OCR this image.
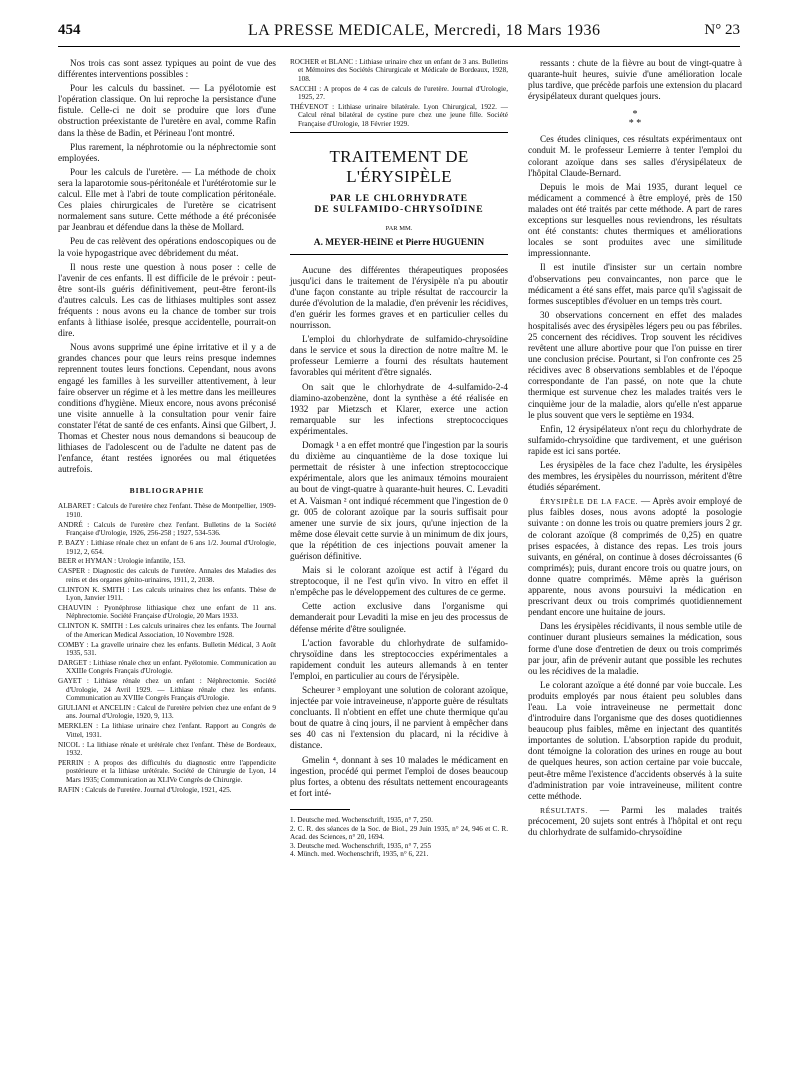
454	LA PRESSE MEDICALE, Mercredi, 18 Mars 1936	N° 23

Nos trois cas sont assez typiques au point de vue des différentes interventions possibles :

Pour les calculs du bassinet. — La pyélotomie est l'opération classique. On lui reproche la persistance d'une fistule. Celle-ci ne doit se produire que lors d'une obstruction préexistante de l'uretère en aval, comme Rafin dans la thèse de Badin, et Périneau l'ont montré.

Plus rarement, la néphrotomie ou la néphrectomie sont employées.

Pour les calculs de l'uretère. — La méthode de choix sera la laparotomie sous-péritonéale et l'urétérotomie sur le calcul. Elle met à l'abri de toute complication péritonéale. Ces plaies chirurgicales de l'uretère se cicatrisent normalement sans suture. Cette méthode a été préconisée par Jeanbrau et défendue dans la thèse de Mollard.

Peu de cas relèvent des opérations endoscopiques ou de la voie hypogastrique avec débridement du méat.

Il nous reste une question à nous poser : celle de l'avenir de ces enfants. Il est difficile de le prévoir : peut-être sont-ils guéris définitivement, peut-être feront-ils d'autres calculs. Les cas de lithiases multiples sont assez fréquents : nous avons eu la chance de tomber sur trois enfants à lithiase isolée, presque accidentelle, pourrait-on dire.

Nous avons supprimé une épine irritative et il y a de grandes chances pour que leurs reins presque indemnes reprennent toutes leurs fonctions. Cependant, nous avons engagé les familles à les surveiller attentivement, à leur faire observer un régime et à les mettre dans les meilleures conditions d'hygiène. Mieux encore, nous avons préconisé une visite annuelle à la consultation pour venir faire constater l'état de santé de ces enfants. Ainsi que Gilbert, J. Thomas et Chester nous nous demandons si beaucoup de lithiases de l'adolescent ou de l'adulte ne datent pas de l'enfance, étant restées ignorées ou mal étiquetées autrefois.

BIBLIOGRAPHIE

ALBARET : Calculs de l'uretère chez l'enfant. Thèse de Montpellier, 1909-1910.

ANDRÉ : Calculs de l'uretère chez l'enfant. Bulletins de la Société Française d'Urologie, 1926, 256-258 ; 1927, 534-536.

P. BAZY : Lithiase rénale chez un enfant de 6 ans 1/2. Journal d'Urologie, 1912, 2, 654.

BEER et HYMAN : Urologie infantile, 153.

CASPER : Diagnostic des calculs de l'uretère. Annales des Maladies des reins et des organes génito-urinaires, 1911, 2, 2038.

CLINTON K. SMITH : Les calculs urinaires chez les enfants. Thèse de Lyon, Janvier 1911.

CHAUVIN : Pyonéphrose lithiasique chez une enfant de 11 ans. Néphrectomie. Société Française d'Urologie, 20 Mars 1933.

CLINTON K. SMITH : Les calculs urinaires chez les enfants. The Journal of the American Medical Association, 10 Novembre 1928.

COMBY : La gravelle urinaire chez les enfants. Bulletin Médical, 3 Août 1935, 531.

DARGET : Lithiase rénale chez un enfant. Pyélotomie. Communication au XXIIIe Congrès Français d'Urologie.

GAYET : Lithiase rénale chez un enfant : Néphrectomie. Société d'Urologie, 24 Avril 1929. — Lithiase rénale chez les enfants. Communication au XVIIIe Congrès Français d'Urologie.

GIULIANI et ANCELIN : Calcul de l'uretère pelvien chez une enfant de 9 ans. Journal d'Urologie, 1920, 9, 113.

MERKLEN : La lithiase urinaire chez l'enfant. Rapport au Congrès de Vittel, 1931.

NICOL : La lithiase rénale et urétérale chez l'enfant. Thèse de Bordeaux, 1932.

PERRIN : A propos des difficultés du diagnostic entre l'appendicite postérieure et la lithiase urétérale. Société de Chirurgie de Lyon, 14 Mars 1935; Communication au XLIVe Congrès de Chirurgie.

RAFIN : Calculs de l'uretère. Journal d'Urologie, 1921, 425.

ROCHER et BLANC : Lithiase urinaire chez un enfant de 3 ans. Bulletins et Mémoires des Sociétés Chirurgicale et Médicale de Bordeaux, 1928, 108.

SACCHI : A propos de 4 cas de calculs de l'uretère. Journal d'Urologie, 1925, 27.

THÉVENOT : Lithiase urinaire bilatérale. Lyon Chirurgical, 1922. — Calcul rénal bilatéral de cystine pure chez une jeune fille. Société Française d'Urologie, 18 Février 1929.

TRAITEMENT DE L'ÉRYSIPÈLE

PAR LE CHLORHYDRATE
DE SULFAMIDO-CHRYSOÏDINE

PAR MM.

A. MEYER-HEINE et Pierre HUGUENIN

Aucune des différentes thérapeutiques proposées jusqu'ici dans le traitement de l'érysipèle n'a pu aboutir d'une façon constante au triple résultat de raccourcir la durée d'évolution de la maladie, d'en prévenir les récidives, d'en guérir les formes graves et en particulier celles du nourrisson.

L'emploi du chlorhydrate de sulfamido-chrysoïdine dans le service et sous la direction de notre maître M. le professeur Lemierre a fourni des résultats hautement favorables qui méritent d'être signalés.

On sait que le chlorhydrate de 4-sulfamido-2-4 diamino-azobenzène, dont la synthèse a été réalisée en 1932 par Mietzsch et Klarer, exerce une action remarquable sur les infections streptococciques expérimentales.

Domagk ¹ a en effet montré que l'ingestion par la souris du dixième au cinquantième de la dose toxique lui permettait de résister à une infection streptococcique expérimentale, alors que les animaux témoins mouraient au bout de vingt-quatre à quarante-huit heures. C. Levaditi et A. Vaisman ² ont indiqué récemment que l'ingestion de 0 gr. 005 de colorant azoïque par la souris suffisait pour amener une survie de six jours, qu'une injection de la même dose élevait cette survie à un minimum de dix jours, que la répétition de ces injections pouvait amener la guérison définitive.

Mais si le colorant azoïque est actif à l'égard du streptocoque, il ne l'est qu'in vivo. In vitro en effet il n'empêche pas le développement des cultures de ce germe.

Cette action exclusive dans l'organisme qui demanderait pour Levaditi la mise en jeu des processus de défense mérite d'être soulignée.

L'action favorable du chlorhydrate de sulfamido-chrysoïdine dans les streptococcies expérimentales a rapidement conduit les auteurs allemands à en tenter l'emploi, en particulier au cours de l'érysipèle.

Scheurer ³ employant une solution de colorant azoïque, injectée par voie intraveineuse, n'apporte guère de résultats concluants. Il n'obtient en effet une chute thermique qu'au bout de quatre à cinq jours, il ne parvient à empêcher dans ses 40 cas ni l'extension du placard, ni la récidive à distance.

Gmelin ⁴, donnant à ses 10 malades le médicament en ingestion, procédé qui permet l'emploi de doses beaucoup plus fortes, a obtenu des résultats nettement encourageants et fort inté-

1. Deutsche med. Wochenschrift, 1935, n° 7, 250.

2. C. R. des séances de la Soc. de Biol., 29 Juin 1935, n° 24, 946 et C. R. Acad. des Sciences, n° 20, 1694.

3. Deutsche med. Wochenschrift, 1935, n° 7, 255

4. Münch. med. Wochenschrift, 1935, n° 6, 221.

ressants : chute de la fièvre au bout de vingt-quatre à quarante-huit heures, suivie d'une amélioration locale plus tardive, que précède parfois une extension du placard érysipélateux durant quelques jours.

*
* *

Ces études cliniques, ces résultats expérimentaux ont conduit M. le professeur Lemierre à tenter l'emploi du colorant azoïque dans ses salles d'érysipélateux de l'hôpital Claude-Bernard.

Depuis le mois de Mai 1935, durant lequel ce médicament a commencé à être employé, près de 150 malades ont été traités par cette méthode. A part de rares exceptions sur lesquelles nous reviendrons, les résultats ont été constants: chutes thermiques et améliorations locales se sont produites avec une similitude impressionnante.

Il est inutile d'insister sur un certain nombre d'observations peu convaincantes, non parce que le médicament a été sans effet, mais parce qu'il s'agissait de formes susceptibles d'évoluer en un temps très court.

30 observations concernent en effet des malades hospitalisés avec des érysipèles légers peu ou pas fébriles. 25 concernent des récidives. Trop souvent les récidives revêtent une allure abortive pour que l'on puisse en tirer une conclusion précise. Pourtant, si l'on confronte ces 25 récidives avec 8 observations semblables et de l'époque correspondante de l'an passé, on note que la chute thermique est survenue chez les malades traités vers le cinquième jour de la maladie, alors qu'elle n'est apparue le plus souvent que vers le septième en 1934.

Enfin, 12 érysipélateux n'ont reçu du chlorhydrate de sulfamido-chrysoïdine que tardivement, et une guérison rapide est ici sans portée.

Les érysipèles de la face chez l'adulte, les érysipèles des membres, les érysipèles du nourrisson, méritent d'être étudiés séparément.

ÉRYSIPÈLE DE LA FACE. — Après avoir employé de plus faibles doses, nous avons adopté la posologie suivante : on donne les trois ou quatre premiers jours 2 gr. de colorant azoïque (8 comprimés de 0,25) en quatre prises espacées, à distance des repas. Les trois jours suivants, en général, on continue à doses décroissantes (6 comprimés); puis, durant encore trois ou quatre jours, on donne quatre comprimés. Même après la guérison apparente, nous avons poursuivi la médication en prescrivant deux ou trois comprimés quotidiennement pendant encore une huitaine de jours.

Dans les érysipèles récidivants, il nous semble utile de continuer durant plusieurs semaines la médication, sous forme d'une dose d'entretien de deux ou trois comprimés par jour, afin de prévenir autant que possible les rechutes ou les récidives de la maladie.

Le colorant azoïque a été donné par voie buccale. Les produits employés par nous étaient peu solubles dans l'eau. La voie intraveineuse ne permettait donc d'introduire dans l'organisme que des doses quotidiennes beaucoup plus faibles, même en injectant des quantités importantes de solution. L'absorption rapide du produit, dont témoigne la coloration des urines en rouge au bout de quelques heures, son action certaine par voie buccale, peut-être même l'existence d'accidents observés à la suite d'administration par voie intraveineuse, militent contre cette méthode.

RÉSULTATS. — Parmi les malades traités précocement, 20 sujets sont entrés à l'hôpital et ont reçu du chlorhydrate de sulfamido-chrysoïdine
